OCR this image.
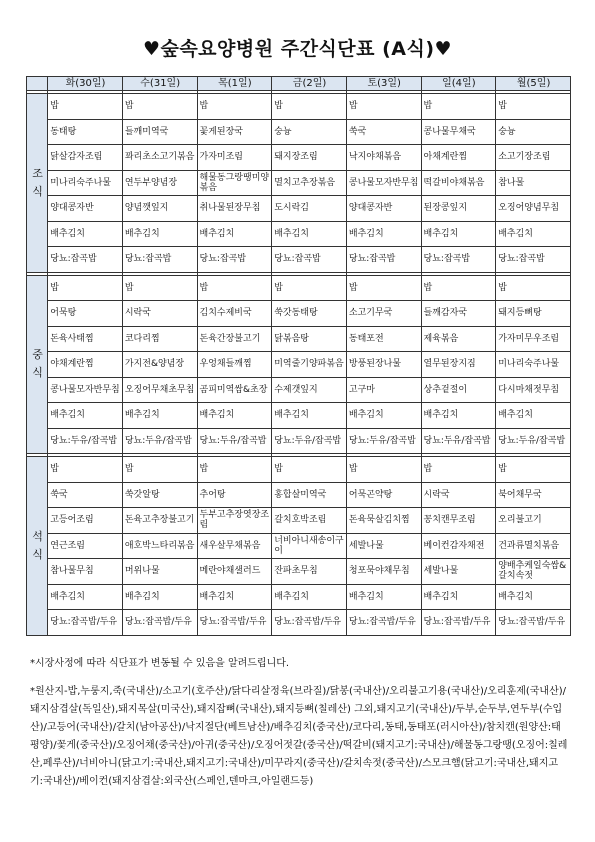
♥숲속요양병원 주간식단표 (A식)♥
	화(30일)	수(31일)	목(1일)	금(2일)	토(3일)	일(4일)	월(5일)

조
식	밥	밥	밥	밥	밥	밥	밥
	동태탕	들깨미역국	꽃게된장국	숭늉	쑥국	콩나물무채국	숭늉
	닭살감자조림	꽈리초소고기볶음	가자미조림	돼지장조림	낙지야채볶음	아채계란찜	소고기장조림
	미나리숙주나물	연두부양념장	해물동그랑땡미양볶음	멸치고추장볶음	콩나물모자반무침	떡갈비야채볶음	참나물
	양대콩자반	양념깻잎지	취나물된장무침	도시락김	양대콩자반	된장콩잎지	오징어양념무침
	배추김치	배추김치	배추김치	배추김치	배추김치	배추김치	배추김치
	당뇨:잡곡밥	당뇨:잡곡밥	당뇨:잡곡밥	당뇨:잡곡밥	당뇨:잡곡밥	당뇨:잡곡밥	당뇨:잡곡밥

중
식	밥	밥	밥	밥	밥	밥	밥
	어묵탕	시락국	김치수제비국	쑥갓동태탕	소고기무국	들깨감자국	돼지등뼈탕
	돈육사태찜	코다리찜	돈육간장불고기	닭볶음탕	동태포전	제육볶음	가자미무우조림
	야채계란찜	가지전&양념장	우엉채들깨찜	미역줄기양파볶음	방풍된장나물	열무된장지짐	미나리숙주나물
	콩나물모자반무침	오징어무채초무침	곰피미역쌈&초장	수제갯잎지	고구마	상추겉절이	다시마채젓무침
	배추김치	배추김치	배추김치	배추김치	배추김치	배추김치	배추김치
	당뇨:두유/잡곡밥	당뇨:두유/잡곡밥	당뇨:두유/잡곡밥	당뇨:두유/잡곡밥	당뇨:두유/잡곡밥	당뇨:두유/잡곡밥	당뇨:두유/잡곡밥

석
식	밥	밥	밥	밥	밥	밥	밥
	쑥국	쑥갓알탕	추어탕	홍합살미역국	어묵곤약탕	시락국	북어채무국
	고등어조림	돈육고추장불고기	두부고추장엿장조림	갈치호박조림	돈육묵살김치찜	꽁치캔무조림	오리불고기
	연근조림	애호박느타리볶음	새우살무채볶음	너비아니새송이구이	세발나물	베이컨감자채전	건과류멸치볶음
	참나물무침	머위나물	메란야채샐러드	잔파초무침	청포묵야채무침	세발나물	양배추케일숙쌈&갈치속젓
	배추김치	배추김치	배추김치	배추김치	배추김치	배추김치	배추김치
	당뇨:잡곡밥/두유	당뇨:잡곡밥/두유	당뇨:잡곡밥/두유	당뇨:잡곡밥/두유	당뇨:잡곡밥/두유	당뇨:잡곡밥/두유	당뇨:잡곡밥/두유
*시장사정에 따라 식단표가 변동될 수 있음을 알려드립니다.
*원산지-밥,누룽지,죽(국내산)/소고기(호주산)/닭다리살정육(브라질)/닭봉(국내산)/오리불고기용(국내산)/오리훈제(국내산)/돼지삼겹살(독일산),돼지목살(미국산),돼지잡뼈(국내산),돼지등뼈(칠레산) 그외,돼지고기(국내산)/두부,순두부,연두부(수입산)/고등어(국내산)/갈치(남아공산)/낙지절단(베트남산)/배추김치(중국산)/코다리,동태,동태포(러시아산)/참치캔(원양산:태평양)/꽃게(중국산)/오징어채(중국산)/아귀(중국산)/오징어젓갈(중국산)/떡갈비(돼지고기:국내산)/해물동그랑땡(오징어:칠레산,페루산)/너비아니(닭고기:국내산,돼지고기:국내산)/미꾸라지(중국산)/갈치속젓(중국산)/스모크햄(닭고기:국내산,돼지고기:국내산)/베이컨(돼지삼겹살:외국산(스페인,덴마크,아일랜드등)
